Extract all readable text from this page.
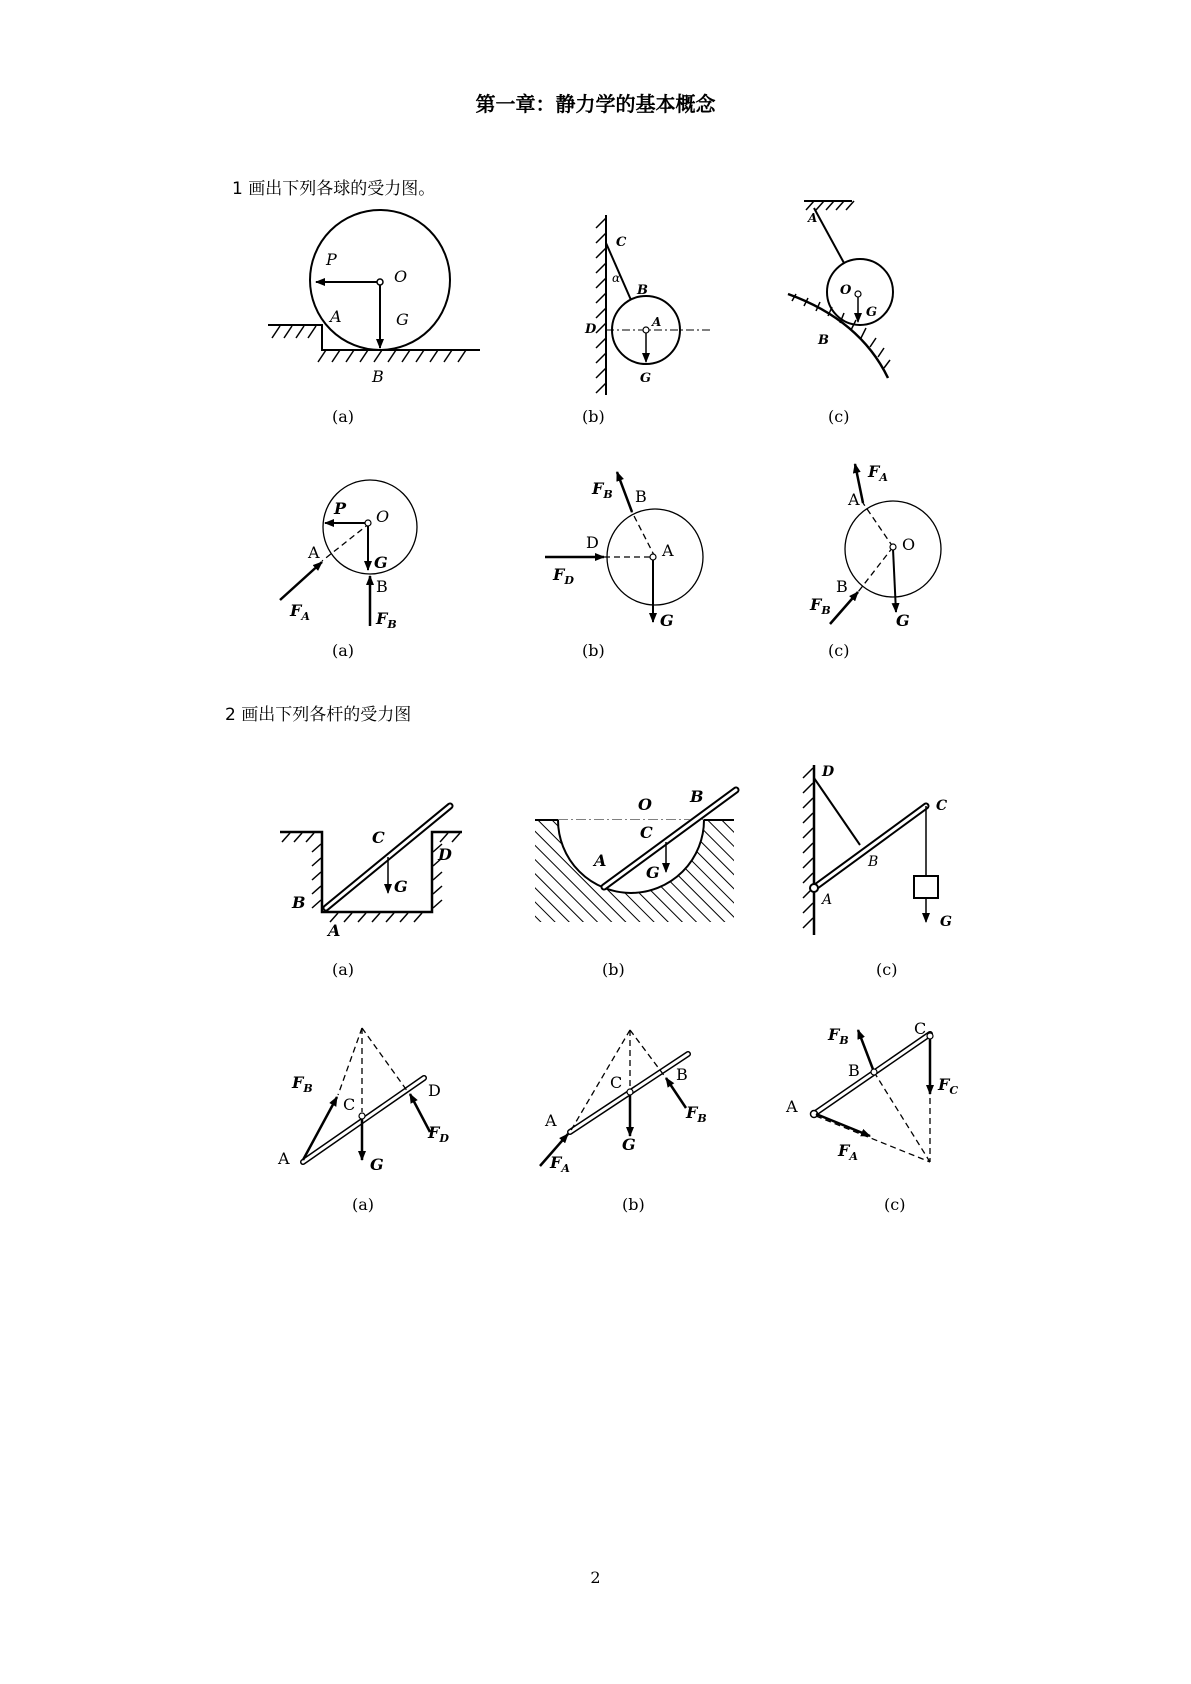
第一章：静力学的基本概念
1 画出下列各球的受力图。
2 画出下列各杆的受力图
2
P
O
A	G
B
(a)
C
α
B
D	A
G
(b)
A
O
G
B
(c)
P O
A
G
B
$F_A$	$F_B$
(a)
$F_B$ B
D	A
$F_D$
G
(b)
$F_A$
A
O
B
$F_B$
G
(c)
C
D
G
B
A
(a)
O B
C
A
G
(b)
D
C
B
A
G
(c)
$F_B$
C
D
$F_D$
A	G
(a)
C	B
$F_B$
A
G
$F_A$
(b)
$F_B$
C
B
$F_C$
A
$F_A$
(c)
